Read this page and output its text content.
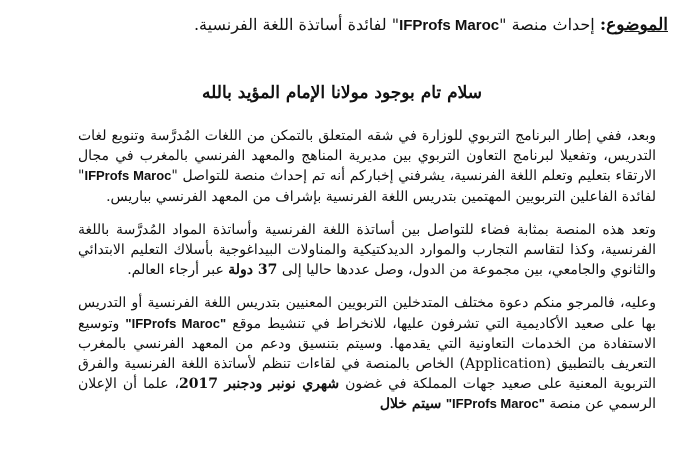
الموضوع: إحداث منصة "IFProfs Maroc" لفائدة أساتذة اللغة الفرنسية.
سلام تام بوجود مولانا الإمام المؤيد بالله

وبعد، ففي إطار البرنامج التربوي للوزارة في شقه المتعلق بالتمكن من اللغات المُدرَّسة وتنويع لغات التدريس، وتفعيلا لبرنامج التعاون التربوي بين مديرية المناهج والمعهد الفرنسي بالمغرب في مجال الارتقاء بتعليم وتعلم اللغة الفرنسية، يشرفني إخباركم أنه تم إحداث منصة للتواصل "IFProfs Maroc" لفائدة الفاعلين التربويين المهتمين بتدريس اللغة الفرنسية بإشراف من المعهد الفرنسي بباريس.

وتعد هذه المنصة بمثابة فضاء للتواصل بين أساتذة اللغة الفرنسية وأساتذة المواد المُدرَّسة باللغة الفرنسية، وكذا لتقاسم التجارب والموارد الديدكتيكية والمناولات البيداغوجية بأسلاك التعليم الابتدائي والثانوي والجامعي، بين مجموعة من الدول، وصل عددها حاليا إلى 37 دولة عبر أرجاء العالم.

وعليه، فالمرجو منكم دعوة مختلف المتدخلين التربويين المعنيين بتدريس اللغة الفرنسية أو التدريس بها على صعيد الأكاديمية التي تشرفون عليها، للانخراط في تنشيط موقع "IFProfs Maroc" وتوسيع الاستفادة من الخدمات التعاونية التي يقدمها. وسيتم بتنسيق ودعم من المعهد الفرنسي بالمغرب التعريف بالتطبيق (Application) الخاص بالمنصة في لقاءات تنظم لأساتذة اللغة الفرنسية والفرق التربوية المعنية على صعيد جهات المملكة في غضون شهري نونبر ودجنبر 2017، علما أن الإعلان الرسمي عن منصة "IFProfs Maroc" سيتم خلال
